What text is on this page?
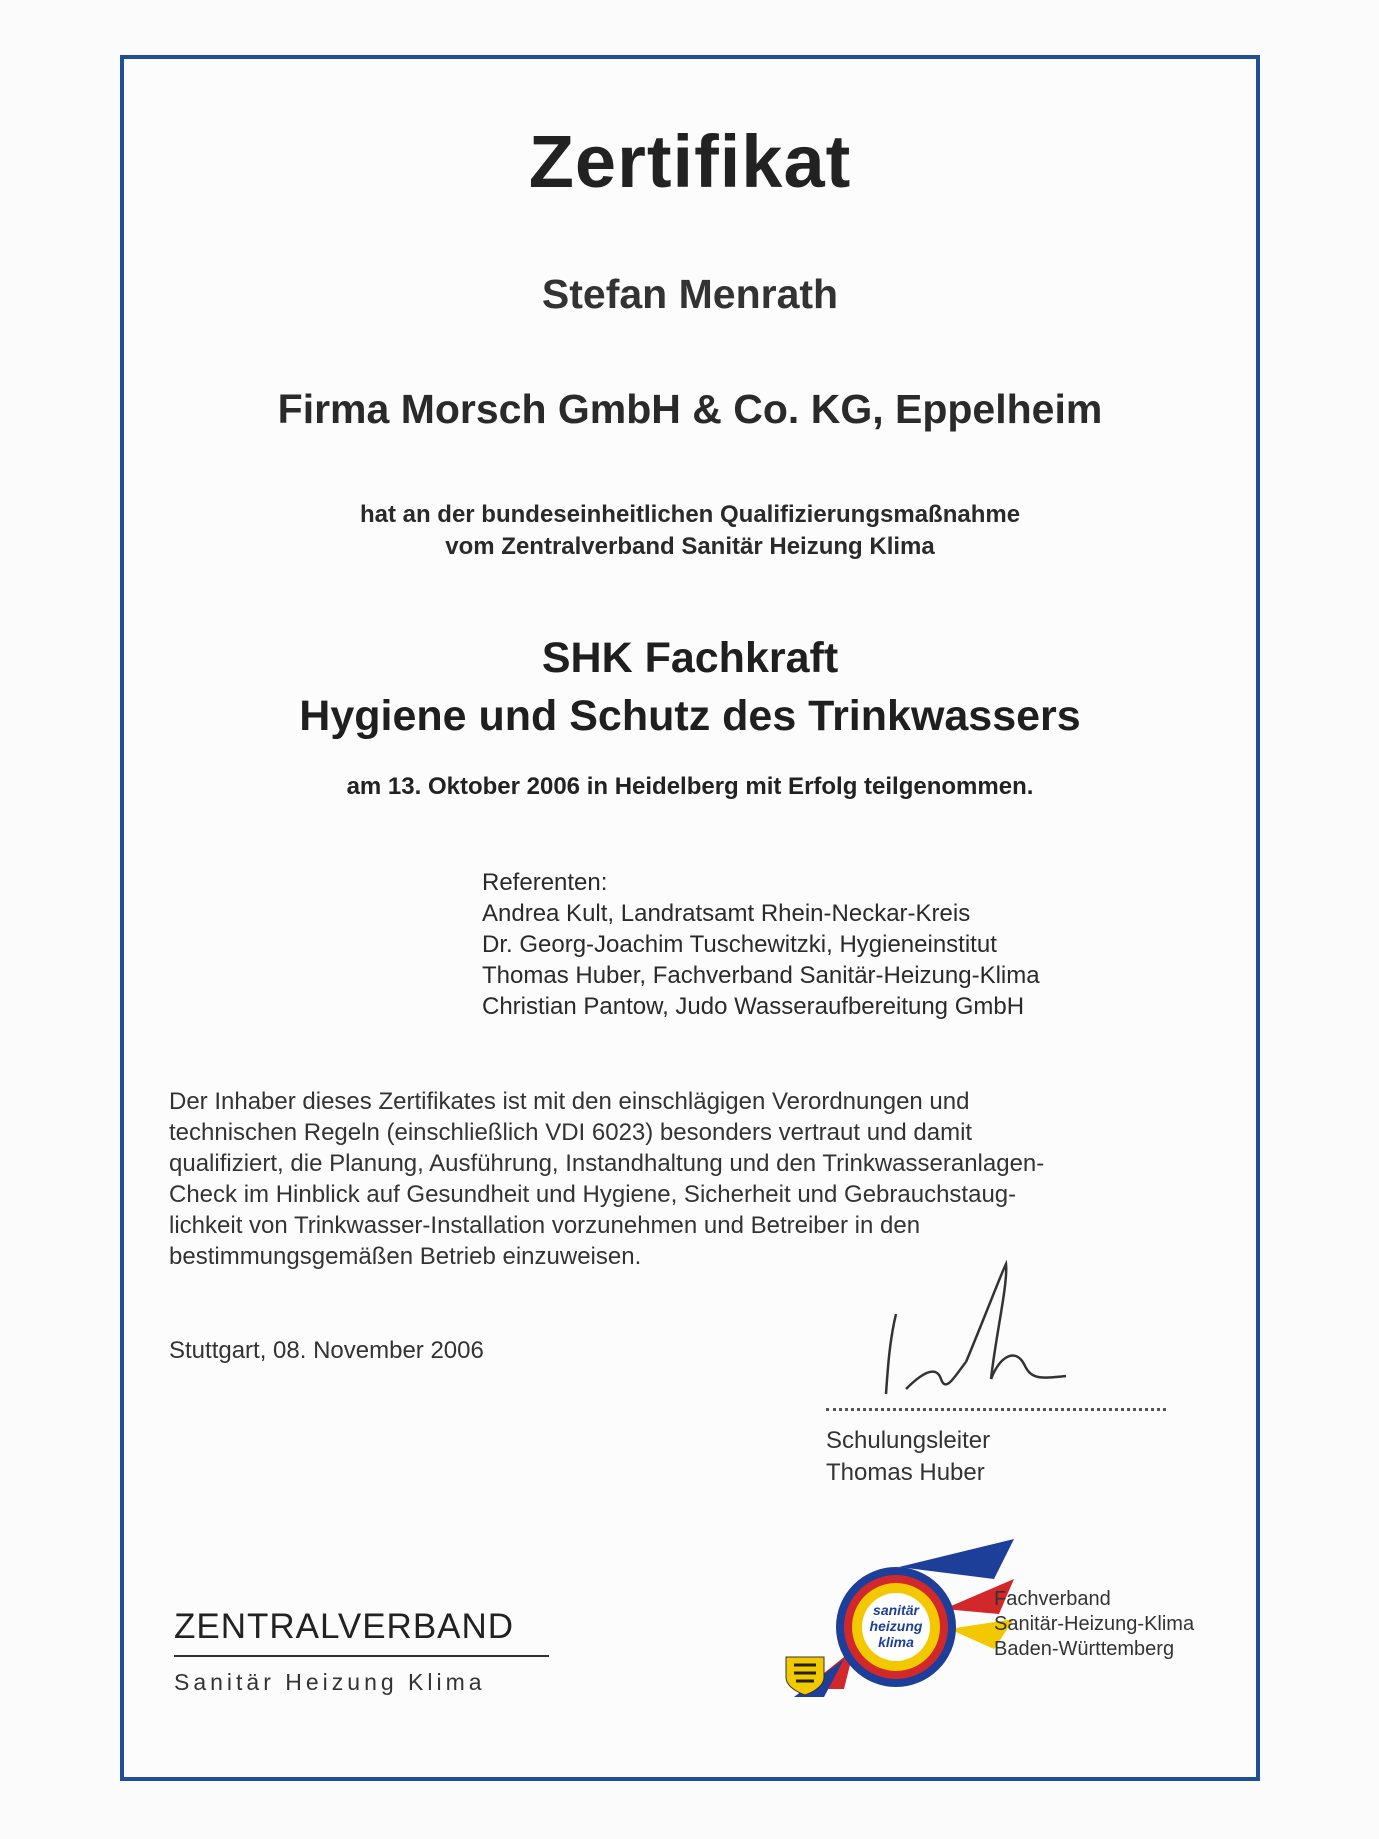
Zertifikat
Stefan Menrath
Firma Morsch GmbH & Co. KG, Eppelheim
hat an der bundeseinheitlichen Qualifizierungsmaßnahme
vom Zentralverband Sanitär Heizung Klima
SHK Fachkraft
Hygiene und Schutz des Trinkwassers
am 13. Oktober 2006 in Heidelberg mit Erfolg teilgenommen.
Referenten:
Andrea Kult, Landratsamt Rhein-Neckar-Kreis
Dr. Georg-Joachim Tuschewitzki, Hygieneinstitut
Thomas Huber, Fachverband Sanitär-Heizung-Klima
Christian Pantow, Judo Wasseraufbereitung GmbH
Der Inhaber dieses Zertifikates ist mit den einschlägigen Verordnungen und
technischen Regeln (einschließlich VDI 6023) besonders vertraut und damit
qualifiziert, die Planung, Ausführung, Instandhaltung und den Trinkwasseranlagen-
Check im Hinblick auf Gesundheit und Hygiene, Sicherheit und Gebrauchstaug-
lichkeit von Trinkwasser-Installation vorzunehmen und Betreiber in den
bestimmungsgemäßen Betrieb einzuweisen.
Stuttgart, 08. November 2006
Schulungsleiter
Thomas Huber
ZENTRALVERBAND
Sanitär Heizung Klima
sanitär
heizung
klima
Fachverband
Sanitär-Heizung-Klima
Baden-Württemberg
